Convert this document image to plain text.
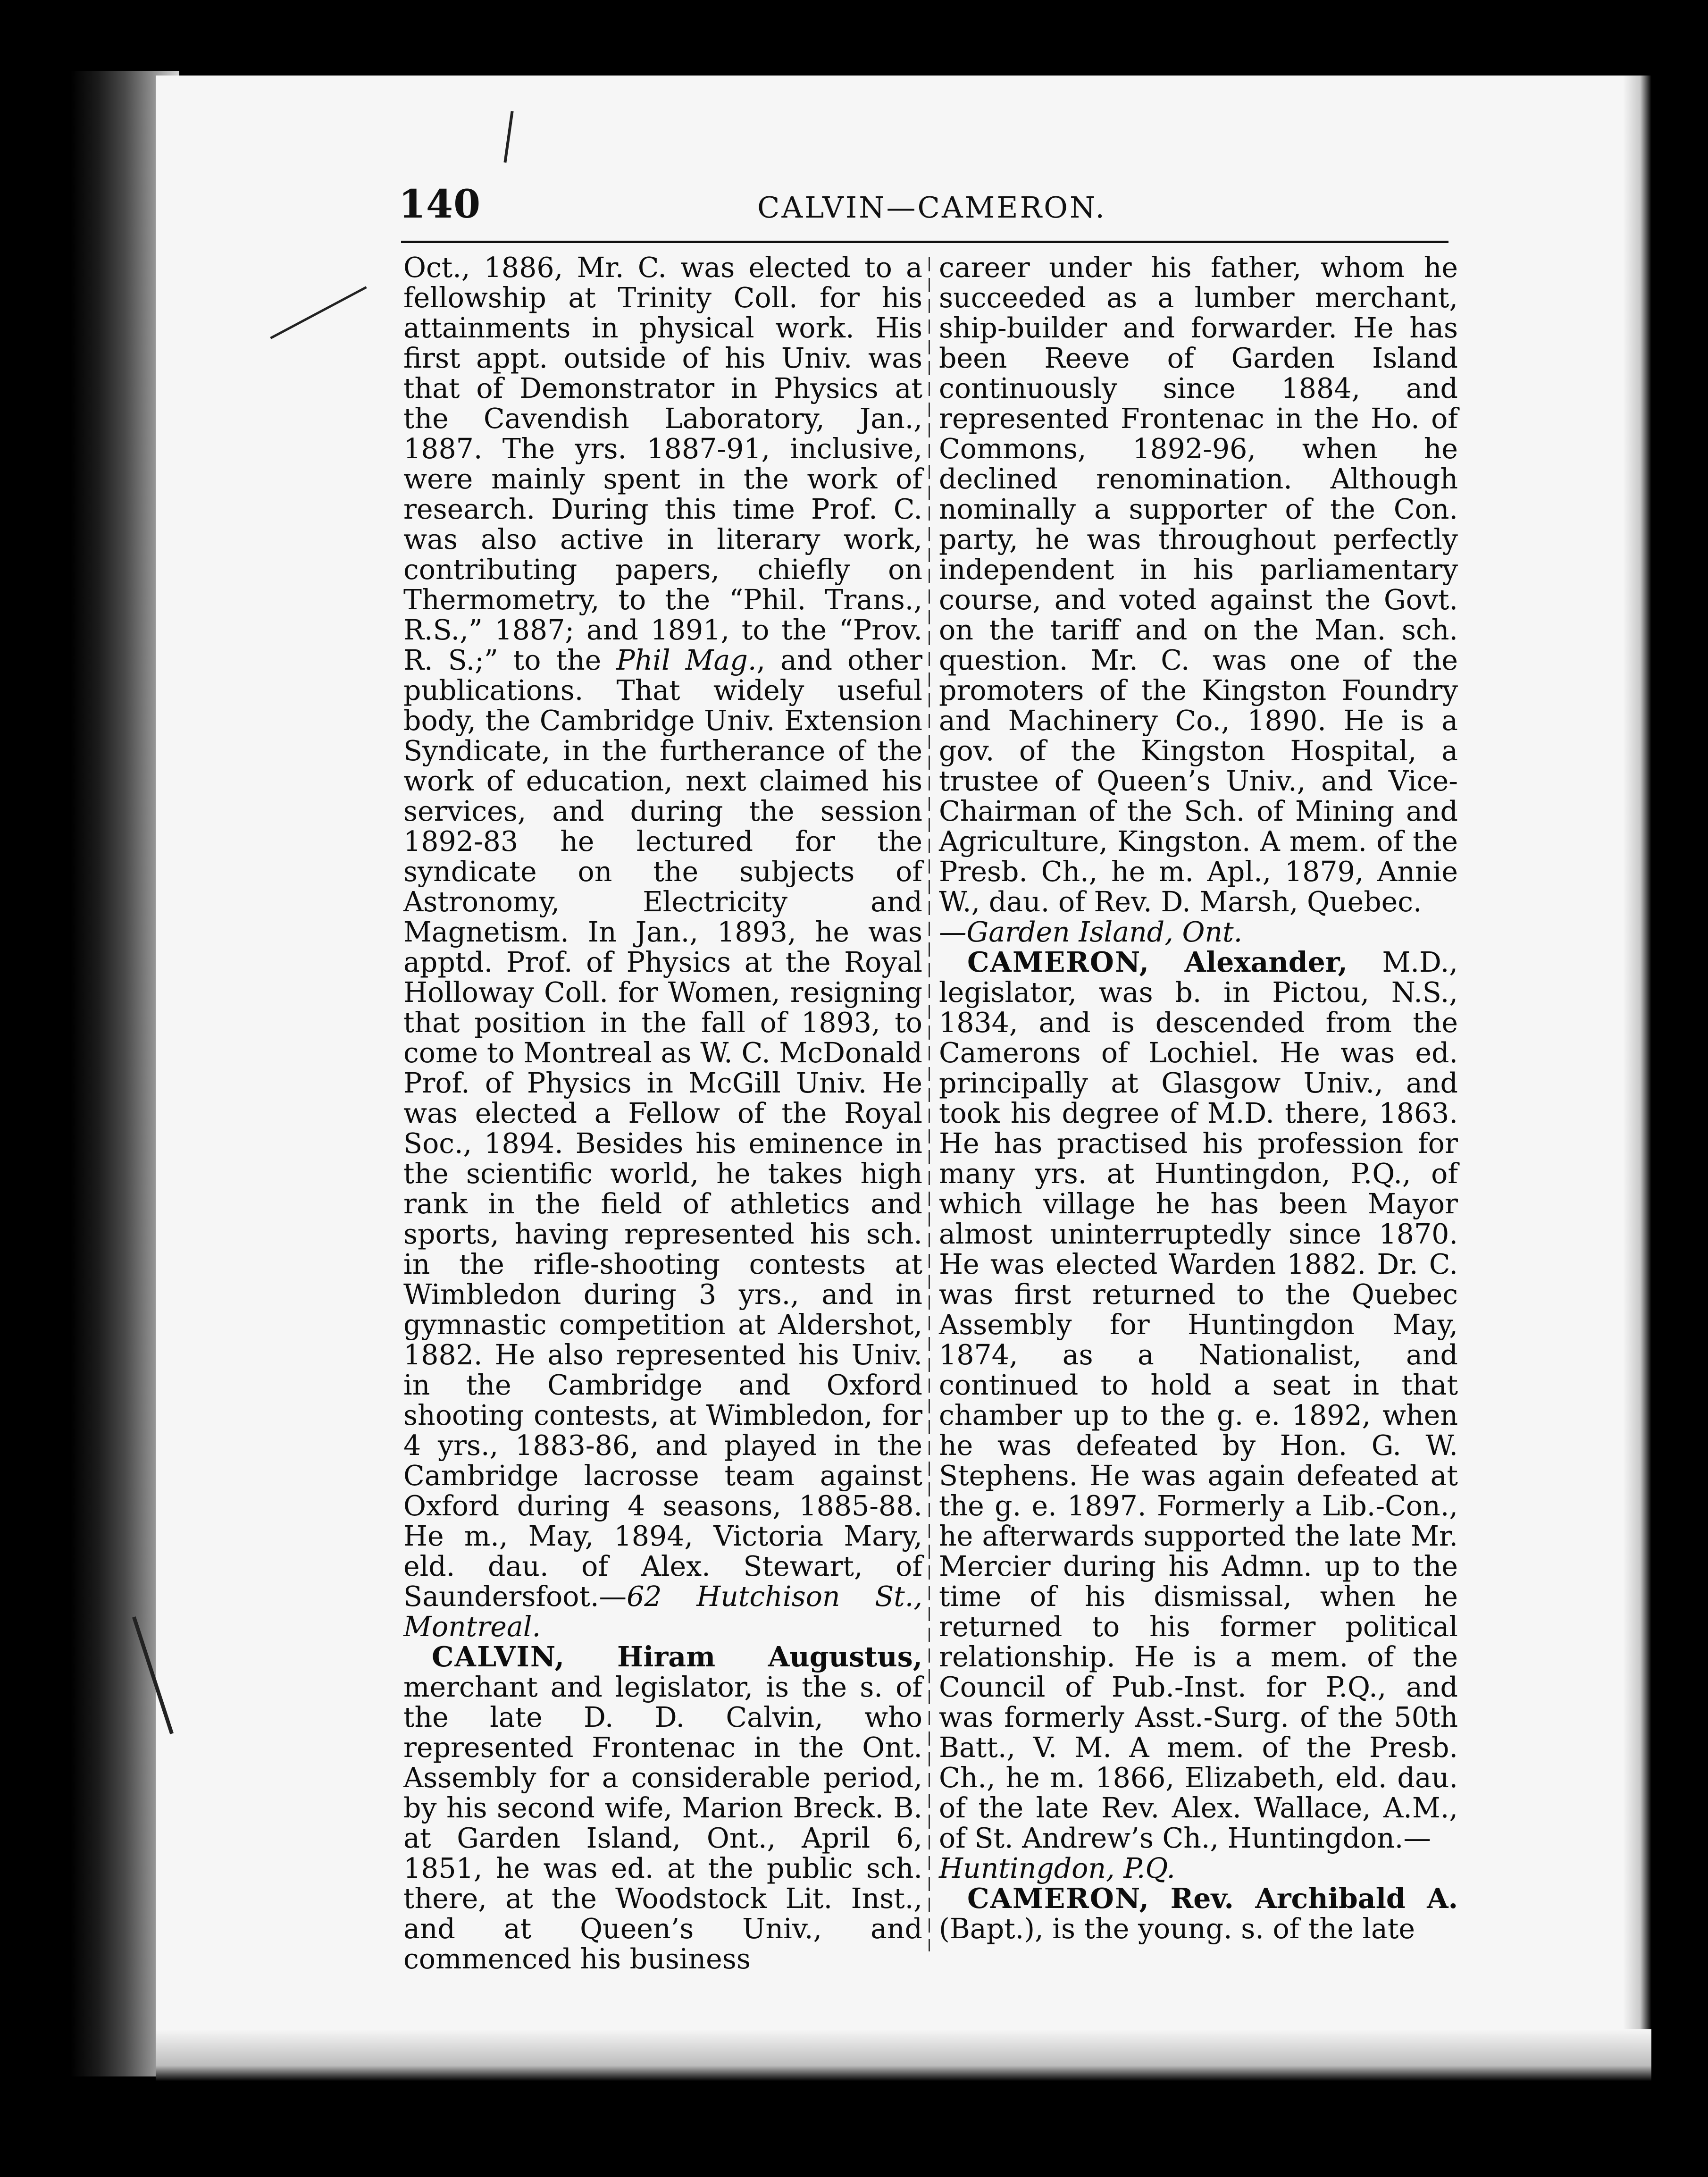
140	CALVIN—CAMERON.

Oct., 1886, Mr. C. was elected to a fellowship at Trinity Coll. for his attainments in physical work. His first appt. outside of his Univ. was that of Demonstrator in Physics at the Cavendish Laboratory, Jan., 1887. The yrs. 1887-91, inclusive, were mainly spent in the work of research. During this time Prof. C. was also active in literary work, contributing papers, chiefly on Thermometry, to the “Phil. Trans., R.S.,” 1887; and 1891, to the “Prov. R. S.;” to the Phil Mag., and other publications. That widely useful body, the Cambridge Univ. Extension Syndicate, in the furtherance of the work of education, next claimed his services, and during the session 1892-83 he lectured for the syndicate on the subjects of Astronomy, Electricity and Magnetism. In Jan., 1893, he was apptd. Prof. of Physics at the Royal Holloway Coll. for Women, resigning that position in the fall of 1893, to come to Montreal as W. C. McDonald Prof. of Physics in McGill Univ. He was elected a Fellow of the Royal Soc., 1894. Besides his eminence in the scientific world, he takes high rank in the field of athletics and sports, having represented his sch. in the rifle-shooting contests at Wimbledon during 3 yrs., and in gymnastic competition at Aldershot, 1882. He also represented his Univ. in the Cambridge and Oxford shooting contests, at Wimbledon, for 4 yrs., 1883-86, and played in the Cambridge lacrosse team against Oxford during 4 seasons, 1885-88. He m., May, 1894, Victoria Mary, eld. dau. of Alex. Stewart, of Saundersfoot.—62 Hutchison St., Montreal.

CALVIN, Hiram Augustus, merchant and legislator, is the s. of the late D. D. Calvin, who represented Frontenac in the Ont. Assembly for a considerable period, by his second wife, Marion Breck. B. at Garden Island, Ont., April 6, 1851, he was ed. at the public sch. there, at the Woodstock Lit. Inst., and at Queen’s Univ., and commenced his business

career under his father, whom he succeeded as a lumber merchant, ship-builder and forwarder. He has been Reeve of Garden Island continuously since 1884, and represented Frontenac in the Ho. of Commons, 1892-96, when he declined renomination. Although nominally a supporter of the Con. party, he was throughout perfectly independent in his parliamentary course, and voted against the Govt. on the tariff and on the Man. sch. question. Mr. C. was one of the promoters of the Kingston Foundry and Machinery Co., 1890. He is a gov. of the Kingston Hospital, a trustee of Queen’s Univ., and Vice-Chairman of the Sch. of Mining and Agriculture, Kingston. A mem. of the Presb. Ch., he m. Apl., 1879, Annie W., dau. of Rev. D. Marsh, Quebec.
—Garden Island, Ont.

CAMERON, Alexander, M.D., legislator, was b. in Pictou, N.S., 1834, and is descended from the Camerons of Lochiel. He was ed. principally at Glasgow Univ., and took his degree of M.D. there, 1863. He has practised his profession for many yrs. at Huntingdon, P.Q., of which village he has been Mayor almost uninterruptedly since 1870. He was elected Warden 1882. Dr. C. was first returned to the Quebec Assembly for Huntingdon May, 1874, as a Nationalist, and continued to hold a seat in that chamber up to the g. e. 1892, when he was defeated by Hon. G. W. Stephens. He was again defeated at the g. e. 1897. Formerly a Lib.-Con., he afterwards supported the late Mr. Mercier during his Admn. up to the time of his dismissal, when he returned to his former political relationship. He is a mem. of the Council of Pub.-Inst. for P.Q., and was formerly Asst.-Surg. of the 50th Batt., V. M. A mem. of the Presb. Ch., he m. 1866, Elizabeth, eld. dau. of the late Rev. Alex. Wallace, A.M., of St. Andrew’s Ch., Huntingdon.—
Huntingdon, P.Q.

CAMERON, Rev. Archibald A. (Bapt.), is the young. s. of the late
